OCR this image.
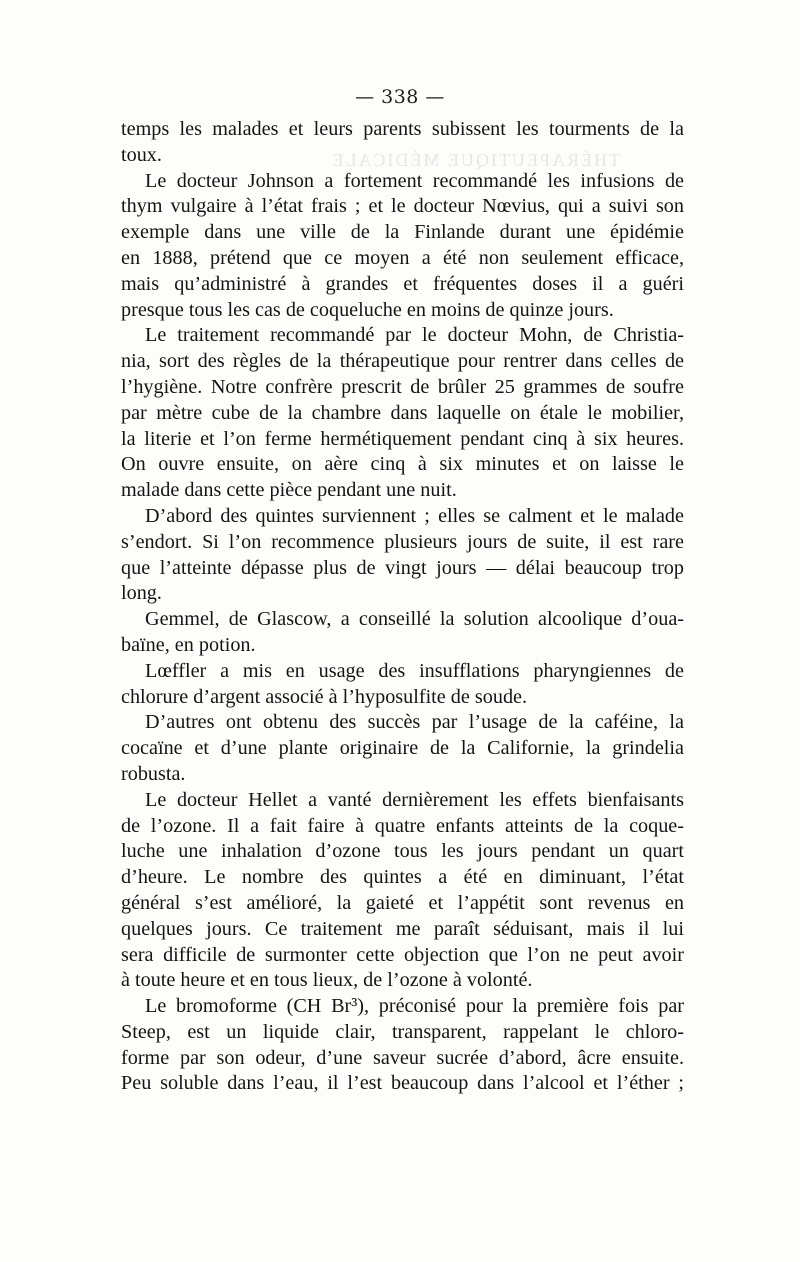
THÉRAPEUTIQUE MÉDICALE
— 338 —
temps les malades et leurs parents subissent les tourments de la
toux.
Le docteur Johnson a fortement recommandé les infusions de
thym vulgaire à l’état frais ; et le docteur Nœvius, qui a suivi son
exemple dans une ville de la Finlande durant une épidémie
en 1888, prétend que ce moyen a été non seulement efficace,
mais qu’administré à grandes et fréquentes doses il a guéri
presque tous les cas de coqueluche en moins de quinze jours.
Le traitement recommandé par le docteur Mohn, de Christia-
nia, sort des règles de la thérapeutique pour rentrer dans celles de
l’hygiène. Notre confrère prescrit de brûler 25 grammes de soufre
par mètre cube de la chambre dans laquelle on étale le mobilier,
la literie et l’on ferme hermétiquement pendant cinq à six heures.
On ouvre ensuite, on aère cinq à six minutes et on laisse le
malade dans cette pièce pendant une nuit.
D’abord des quintes surviennent ; elles se calment et le malade
s’endort. Si l’on recommence plusieurs jours de suite, il est rare
que l’atteinte dépasse plus de vingt jours — délai beaucoup trop
long.
Gemmel, de Glascow, a conseillé la solution alcoolique d’oua-
baïne, en potion.
Lœffler a mis en usage des insufflations pharyngiennes de
chlorure d’argent associé à l’hyposulfite de soude.
D’autres ont obtenu des succès par l’usage de la caféine, la
cocaïne et d’une plante originaire de la Californie, la grindelia
robusta.
Le docteur Hellet a vanté dernièrement les effets bienfaisants
de l’ozone. Il a fait faire à quatre enfants atteints de la coque-
luche une inhalation d’ozone tous les jours pendant un quart
d’heure. Le nombre des quintes a été en diminuant, l’état
général s’est amélioré, la gaieté et l’appétit sont revenus en
quelques jours. Ce traitement me paraît séduisant, mais il lui
sera difficile de surmonter cette objection que l’on ne peut avoir
à toute heure et en tous lieux, de l’ozone à volonté.
Le bromoforme (CH Br³), préconisé pour la première fois par
Steep, est un liquide clair, transparent, rappelant le chloro-
forme par son odeur, d’une saveur sucrée d’abord, âcre ensuite.
Peu soluble dans l’eau, il l’est beaucoup dans l’alcool et l’éther ;
